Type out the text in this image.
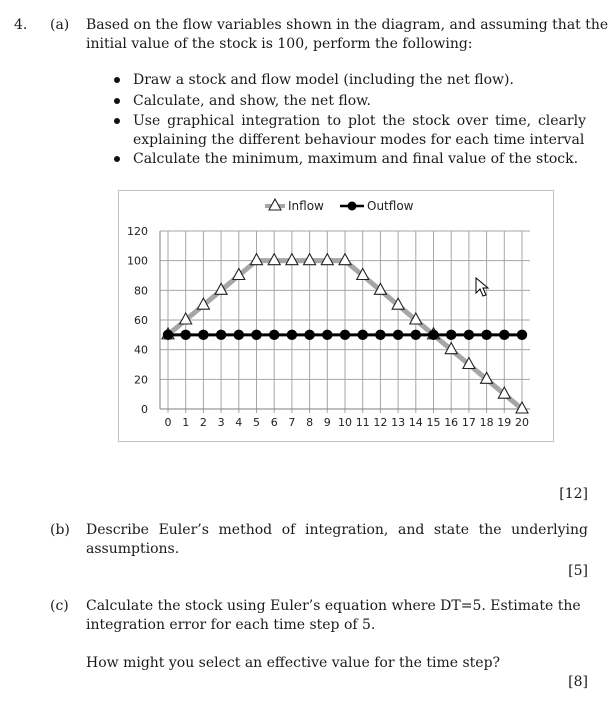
4. (a) Based on the flow variables shown in the diagram, and assuming that the
initial value of the stock is 100, perform the following:
Draw a stock and flow model (including the net flow).
Calculate, and show, the net flow.
Use graphical integration to plot the stock over time, clearly
explaining the different behaviour modes for each time interval
Calculate the minimum, maximum and final value of the stock.
0
20
40
60
80
100
120
0 1 2 3 4 5 6 7 8 9 10 11 12 13 14 15 16 17 18 19 20
Inflow	Outflow
[12]
(b) Describe Euler’s method of integration, and state the underlying
assumptions.
[5]
(c) Calculate the stock using Euler’s equation where DT=5. Estimate the
integration error for each time step of 5.
How might you select an effective value for the time step?
[8]
